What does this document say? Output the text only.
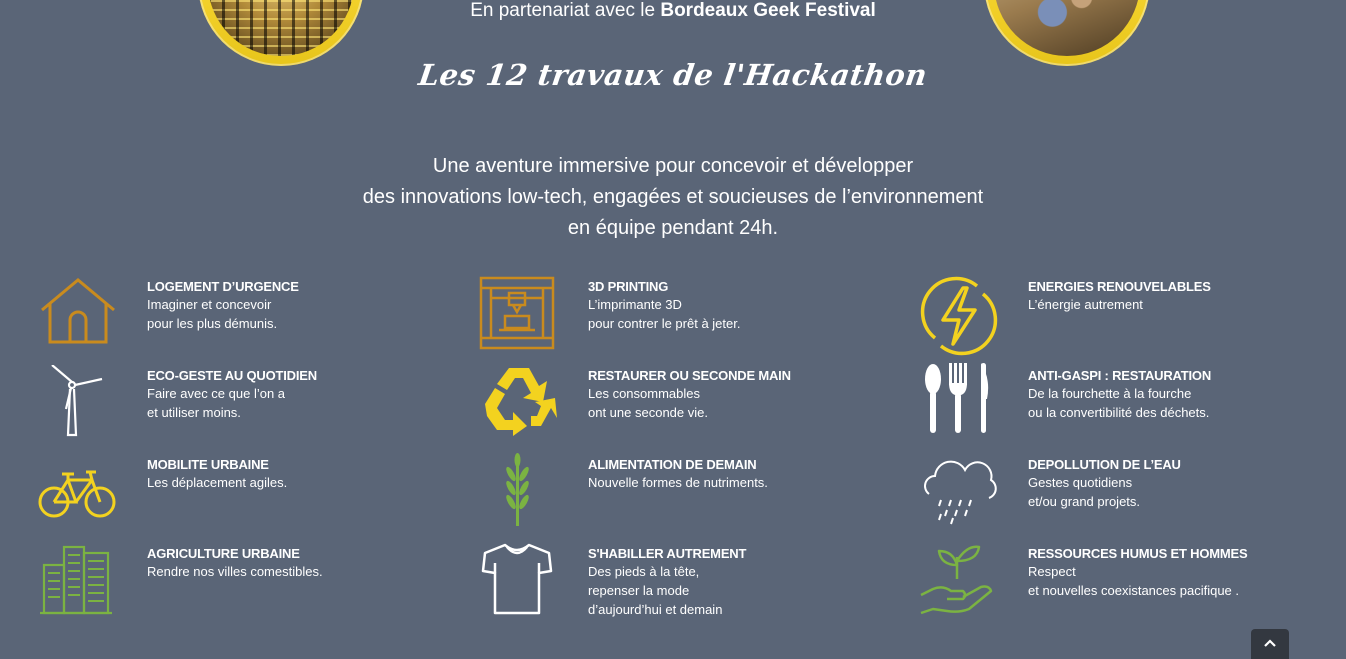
En partenariat avec le Bordeaux Geek Festival
Les 12 travaux de l'Hackathon
Une aventure immersive pour concevoir et développer
des innovations low-tech, engagées et soucieuses de l’environnement
en équipe pendant 24h.
LOGEMENT D’URGENCE
Imaginer et concevoir
pour les plus démunis.
3D PRINTING
L’imprimante 3D
pour contrer le prêt à jeter.
ENERGIES RENOUVELABLES
L’énergie autrement
ECO-GESTE AU QUOTIDIEN
Faire avec ce que l’on a
et utiliser moins.
RESTAURER OU SECONDE MAIN
Les consommables
ont une seconde vie.
ANTI-GASPI : RESTAURATION
De la fourchette à la fourche
ou la convertibilité des déchets.
MOBILITE URBAINE
Les déplacement agiles.
ALIMENTATION DE DEMAIN
Nouvelle formes de nutriments.
DEPOLLUTION DE L’EAU
Gestes quotidiens
et/ou grand projets.
AGRICULTURE URBAINE
Rendre nos villes comestibles.
S'HABILLER AUTREMENT
Des pieds à la tête,
repenser la mode
d’aujourd’hui et demain
RESSOURCES HUMUS ET HOMMES
Respect
et nouvelles coexistances pacifique .
